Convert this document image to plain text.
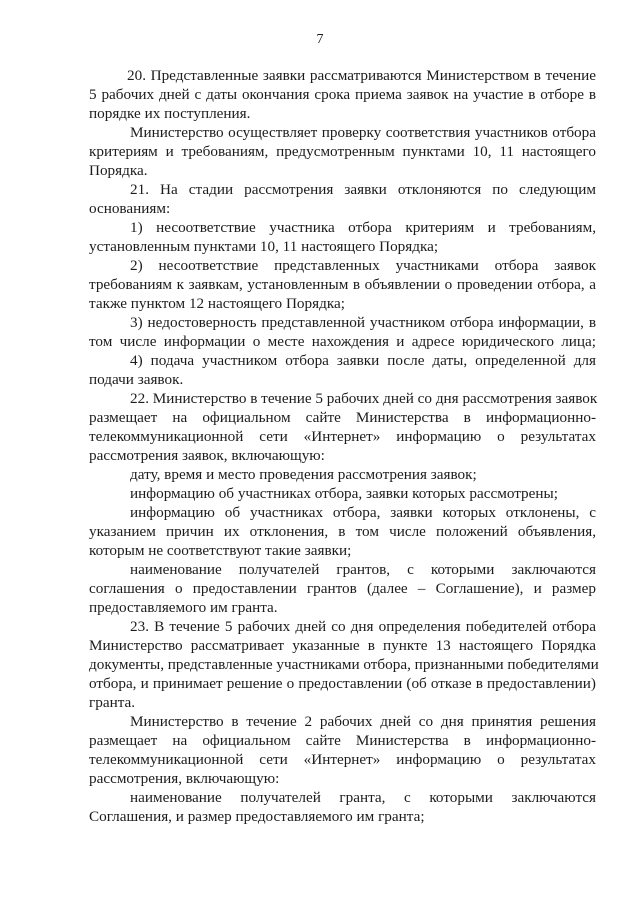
7
20. Представленные заявки рассматриваются Министерством в течение
5 рабочих дней с даты окончания срока приема заявок на участие в отборе в
порядке их поступления.
Министерство осуществляет проверку соответствия участников отбора
критериям и требованиям, предусмотренным пунктами 10, 11 настоящего
Порядка.
21. На стадии рассмотрения заявки отклоняются по следующим
основаниям:
1) несоответствие участника отбора критериям и требованиям,
установленным пунктами 10, 11 настоящего Порядка;
2) несоответствие представленных участниками отбора заявок
требованиям к заявкам, установленным в объявлении о проведении отбора, а
также пунктом 12 настоящего Порядка;
3) недостоверность представленной участником отбора информации, в
том числе информации о месте нахождения и адресе юридического лица;
4) подача участником отбора заявки после даты, определенной для
подачи заявок.
22. Министерство в течение 5 рабочих дней со дня рассмотрения заявок
размещает на официальном сайте Министерства в информационно-
телекоммуникационной сети «Интернет» информацию о результатах
рассмотрения заявок, включающую:
дату, время и место проведения рассмотрения заявок;
информацию об участниках отбора, заявки которых рассмотрены;
информацию об участниках отбора, заявки которых отклонены, с
указанием причин их отклонения, в том числе положений объявления,
которым не соответствуют такие заявки;
наименование получателей грантов, с которыми заключаются
соглашения о предоставлении грантов (далее – Соглашение), и размер
предоставляемого им гранта.
23. В течение 5 рабочих дней со дня определения победителей отбора
Министерство рассматривает указанные в пункте 13 настоящего Порядка
документы, представленные участниками отбора, признанными победителями
отбора, и принимает решение о предоставлении (об отказе в предоставлении)
гранта.
Министерство в течение 2 рабочих дней со дня принятия решения
размещает на официальном сайте Министерства в информационно-
телекоммуникационной сети «Интернет» информацию о результатах
рассмотрения, включающую:
наименование получателей гранта, с которыми заключаются
Соглашения, и размер предоставляемого им гранта;
